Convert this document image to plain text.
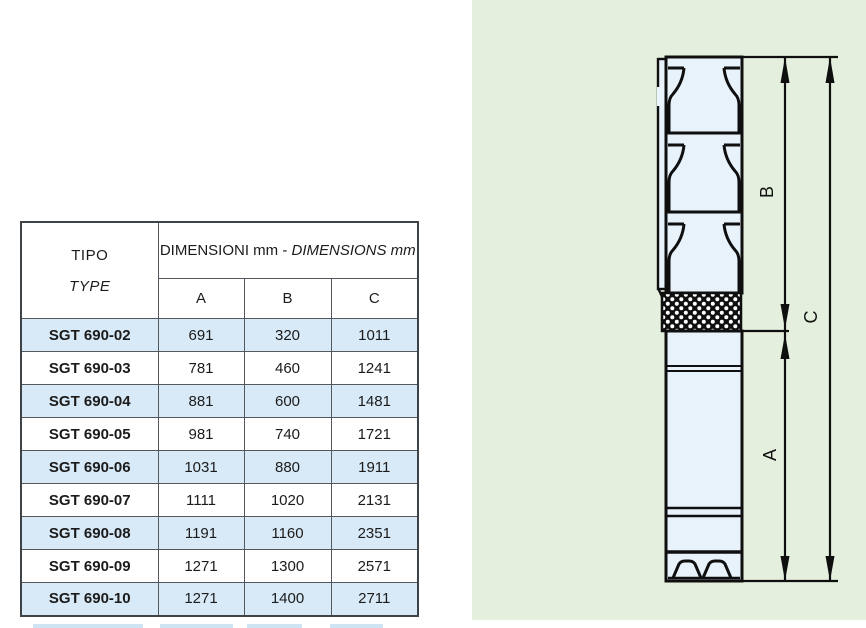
TIPO
TYPE	DIMENSIONI mm - DIMENSIONS mm		
	A	B	C
SGT 690-02	691	320	1011
SGT 690-03	781	460	1241
SGT 690-04	881	600	1481
SGT 690-05	981	740	1721
SGT 690-06	1031	880	1911
SGT 690-07	1111	1020	2131
SGT 690-08	1191	1160	2351
SGT 690-09	1271	1300	2571
SGT 690-10	1271	1400	2711
B
A
C
